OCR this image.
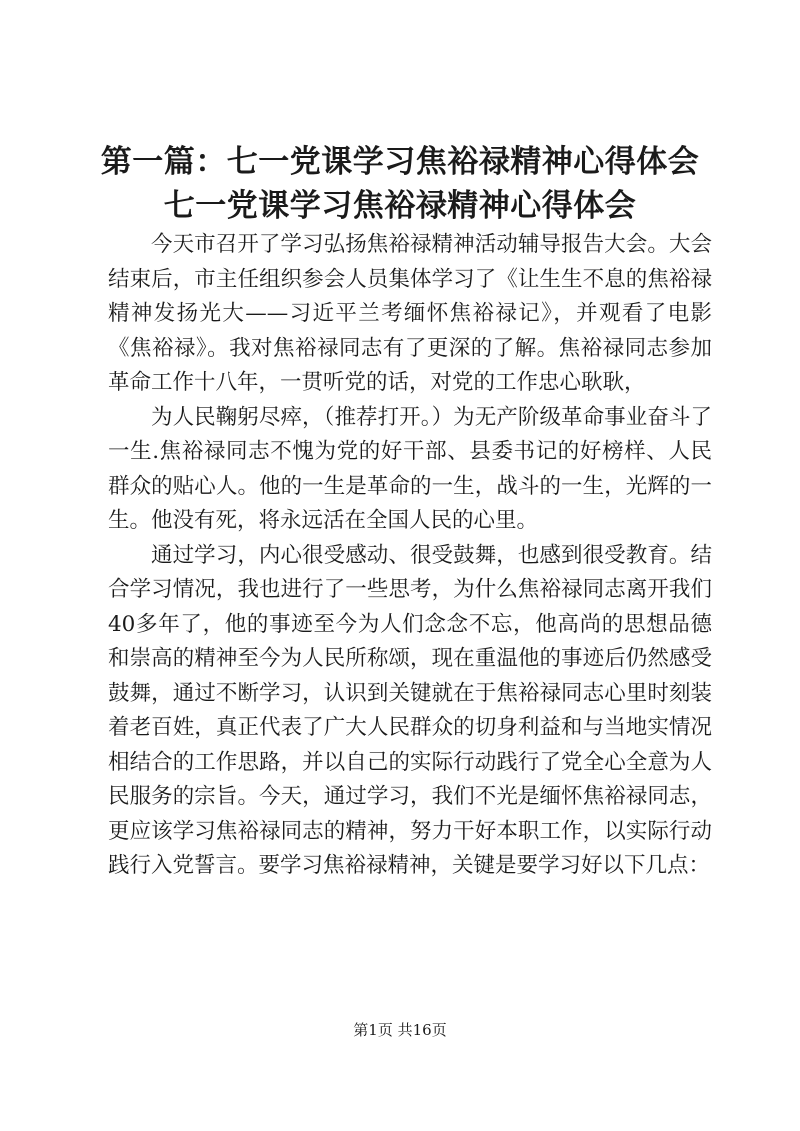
第一篇：七一党课学习焦裕禄精神心得体会七一党课学习焦裕禄精神心得体会

今天市召开了学习弘扬焦裕禄精神活动辅导报告大会。大会结束后，市主任组织参会人员集体学习了《让生生不息的焦裕禄精神发扬光大——习近平兰考缅怀焦裕禄记》，并观看了电影《焦裕禄》。我对焦裕禄同志有了更深的了解。焦裕禄同志参加革命工作十八年，一贯听党的话，对党的工作忠心耿耿，

为人民鞠躬尽瘁，（推荐打开。）为无产阶级革命事业奋斗了一生.焦裕禄同志不愧为党的好干部、县委书记的好榜样、人民群众的贴心人。他的一生是革命的一生，战斗的一生，光辉的一生。他没有死，将永远活在全国人民的心里。

通过学习，内心很受感动、很受鼓舞，也感到很受教育。结合学习情况，我也进行了一些思考，为什么焦裕禄同志离开我们40多年了，他的事迹至今为人们念念不忘，他高尚的思想品德和崇高的精神至今为人民所称颂，现在重温他的事迹后仍然感受鼓舞，通过不断学习，认识到关键就在于焦裕禄同志心里时刻装着老百姓，真正代表了广大人民群众的切身利益和与当地实情况相结合的工作思路，并以自己的实际行动践行了党全心全意为人民服务的宗旨。今天，通过学习，我们不光是缅怀焦裕禄同志，更应该学习焦裕禄同志的精神，努力干好本职工作，以实际行动践行入党誓言。要学习焦裕禄精神，关键是要学习好以下几点：

第1页 共16页
